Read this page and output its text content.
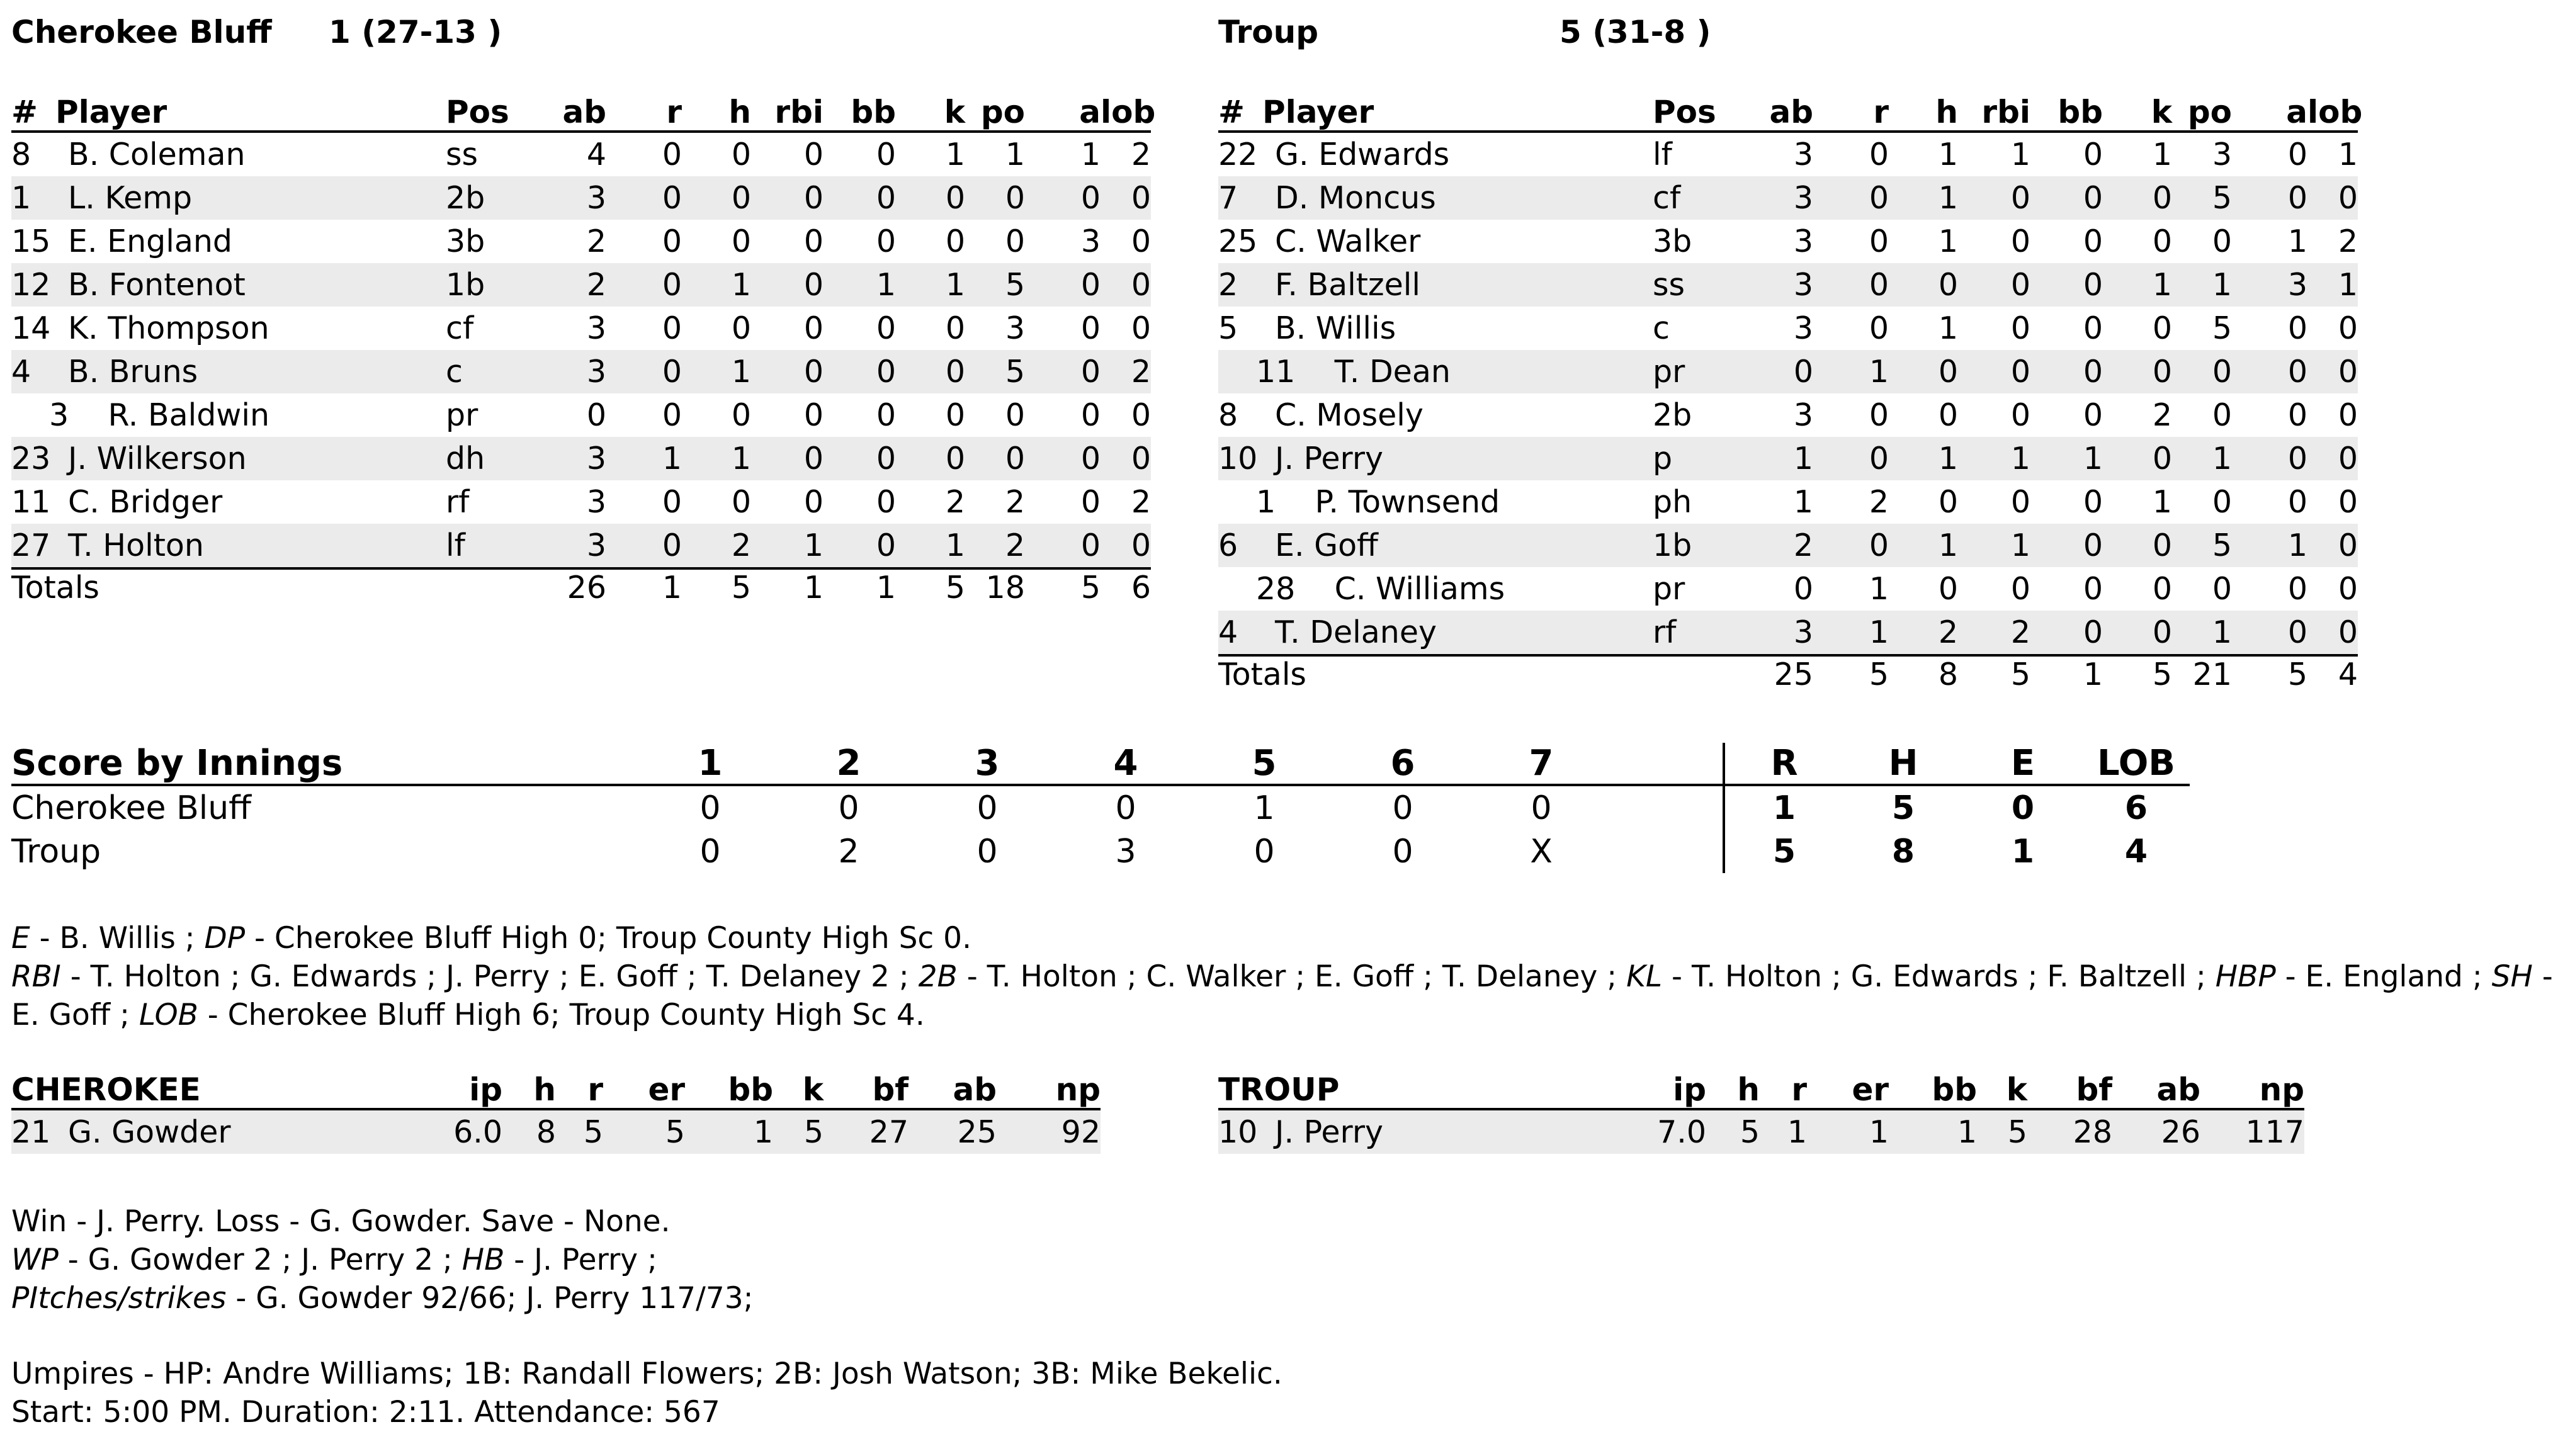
Cherokee Bluff 1 (27-13 )	Troup	5 (31-8 )
#	Player	Pos	ab	r	h	rbi	bb	k	po	a	lob
8	B. Coleman	ss	4	0	0	0	0	1	1	1	2
1	L. Kemp	2b	3	0	0	0	0	0	0	0	0
15	E. England	3b	2	0	0	0	0	0	0	3	0
12	B. Fontenot	1b	2	0	1	0	1	1	5	0	0
14	K. Thompson	cf	3	0	0	0	0	0	3	0	0
4	B. Bruns	c	3	0	1	0	0	0	5	0	2
3 R. Baldwin		pr	0	0	0	0	0	0	0	0	0
23	J. Wilkerson	dh	3	1	1	0	0	0	0	0	0
11	C. Bridger	rf	3	0	0	0	0	2	2	0	2
27	T. Holton	lf	3	0	2	1	0	1	2	0	0
Totals			26	1	5	1	1	5	18	5	6
#	Player	Pos	ab	r	h	rbi	bb	k	po	a	lob
22	G. Edwards	lf	3	0	1	1	0	1	3	0	1
7	D. Moncus	cf	3	0	1	0	0	0	5	0	0
25	C. Walker	3b	3	0	1	0	0	0	0	1	2
2	F. Baltzell	ss	3	0	0	0	0	1	1	3	1
5	B. Willis	c	3	0	1	0	0	0	5	0	0
11 T. Dean		pr	0	1	0	0	0	0	0	0	0
8	C. Mosely	2b	3	0	0	0	0	2	0	0	0
10	J. Perry	p	1	0	1	1	1	0	1	0	0
1 P. Townsend		ph	1	2	0	0	0	1	0	0	0
6	E. Goff	1b	2	0	1	1	0	0	5	1	0
28 C. Williams		pr	0	1	0	0	0	0	0	0	0
4	T. Delaney	rf	3	1	2	2	0	0	1	0	0
Totals			25	5	8	5	1	5	21	5	4
Score by Innings	1	2	3	4	5	6	7		R	H	E	LOB
Cherokee Bluff	0	0	0	0	1	0	0		1	5	0	6
Troup	0	2	0	3	0	0	X		5	8	1	4
E - B. Willis ; DP - Cherokee Bluff High 0; Troup County High Sc 0.
RBI - T. Holton ; G. Edwards ; J. Perry ; E. Goff ; T. Delaney 2 ; 2B - T. Holton ; C. Walker ; E. Goff ; T. Delaney ; KL - T. Holton ; G. Edwards ; F. Baltzell ; HBP - E. England ; SH -
E. Goff ; LOB - Cherokee Bluff High 6; Troup County High Sc 4.
CHEROKEE		ip	h	r	er	bb	k	bf	ab	np
21	G. Gowder	6.0	8	5	5	1	5	27	25	92
TROUP		ip	h	r	er	bb	k	bf	ab	np
10	J. Perry	7.0	5	1	1	1	5	28	26	117
Win - J. Perry. Loss - G. Gowder. Save - None.
WP - G. Gowder 2 ; J. Perry 2 ; HB - J. Perry ;
PItches/strikes - G. Gowder 92/66; J. Perry 117/73;
Umpires - HP: Andre Williams; 1B: Randall Flowers; 2B: Josh Watson; 3B: Mike Bekelic.
Start: 5:00 PM. Duration: 2:11. Attendance: 567
